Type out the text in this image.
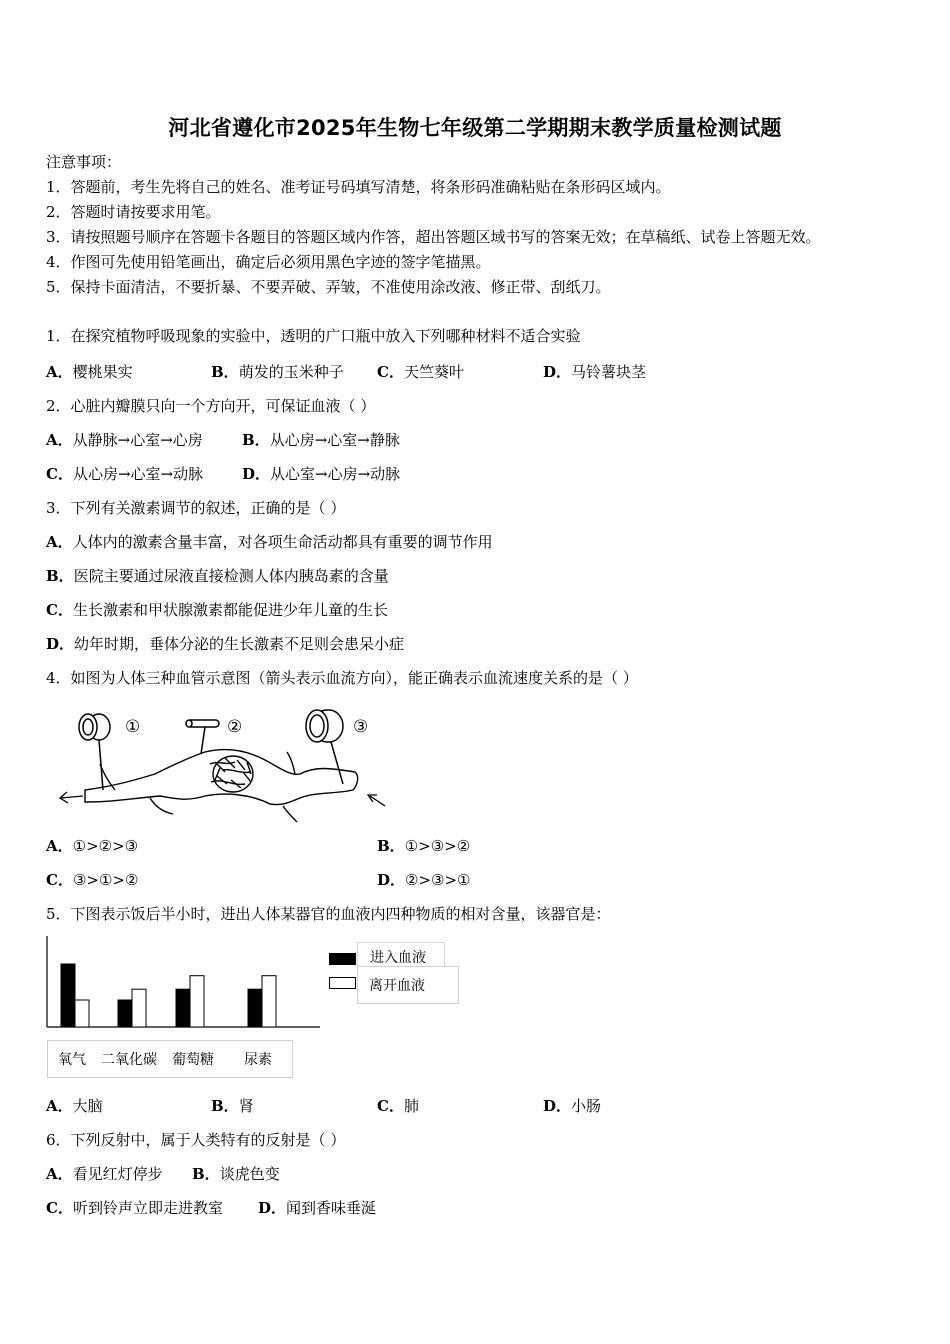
河北省遵化市2025年生物七年级第二学期期末教学质量检测试题
注意事项：
1．答题前，考生先将自己的姓名、准考证号码填写清楚，将条形码准确粘贴在条形码区域内。
2．答题时请按要求用笔。
3．请按照题号顺序在答题卡各题目的答题区域内作答，超出答题区域书写的答案无效；在草稿纸、试卷上答题无效。
4．作图可先使用铅笔画出，确定后必须用黑色字迹的签字笔描黑。
5．保持卡面清洁，不要折暴、不要弄破、弄皱，不准使用涂改液、修正带、刮纸刀。
1．在探究植物呼吸现象的实验中，透明的广口瓶中放入下列哪种材料不适合实验
A．樱桃果实	B．萌发的玉米种子 C．天竺葵叶	D．马铃薯块茎
2．心脏内瓣膜只向一个方向开，可保证血液（ ）
A．从静脉→心室→心房	B．从心房→心室→静脉
C．从心房→心室→动脉	D．从心室→心房→动脉
3．下列有关激素调节的叙述，正确的是（ ）
A．人体内的激素含量丰富，对各项生命活动都具有重要的调节作用
B．医院主要通过尿液直接检测人体内胰岛素的含量
C．生长激素和甲状腺激素都能促进少年儿童的生长
D．幼年时期，垂体分泌的生长激素不足则会患呆小症
4．如图为人体三种血管示意图（箭头表示血流方向），能正确表示血流速度关系的是（ ）
①	②	③
A．①>②>③	B．①>③>②
C．③>①>②	D．②>③>①
5．下图表示饭后半小时，进出人体某器官的血液内四种物质的相对含量，该器官是：
进入血液
离开血液
氧气 二氧化碳 葡萄糖 尿素
A．大脑	B．肾	C．肺	D．小肠
6．下列反射中，属于人类特有的反射是（ ）
A．看见红灯停步 B．谈虎色变
C．听到铃声立即走进教室 D．闻到香味垂涎
